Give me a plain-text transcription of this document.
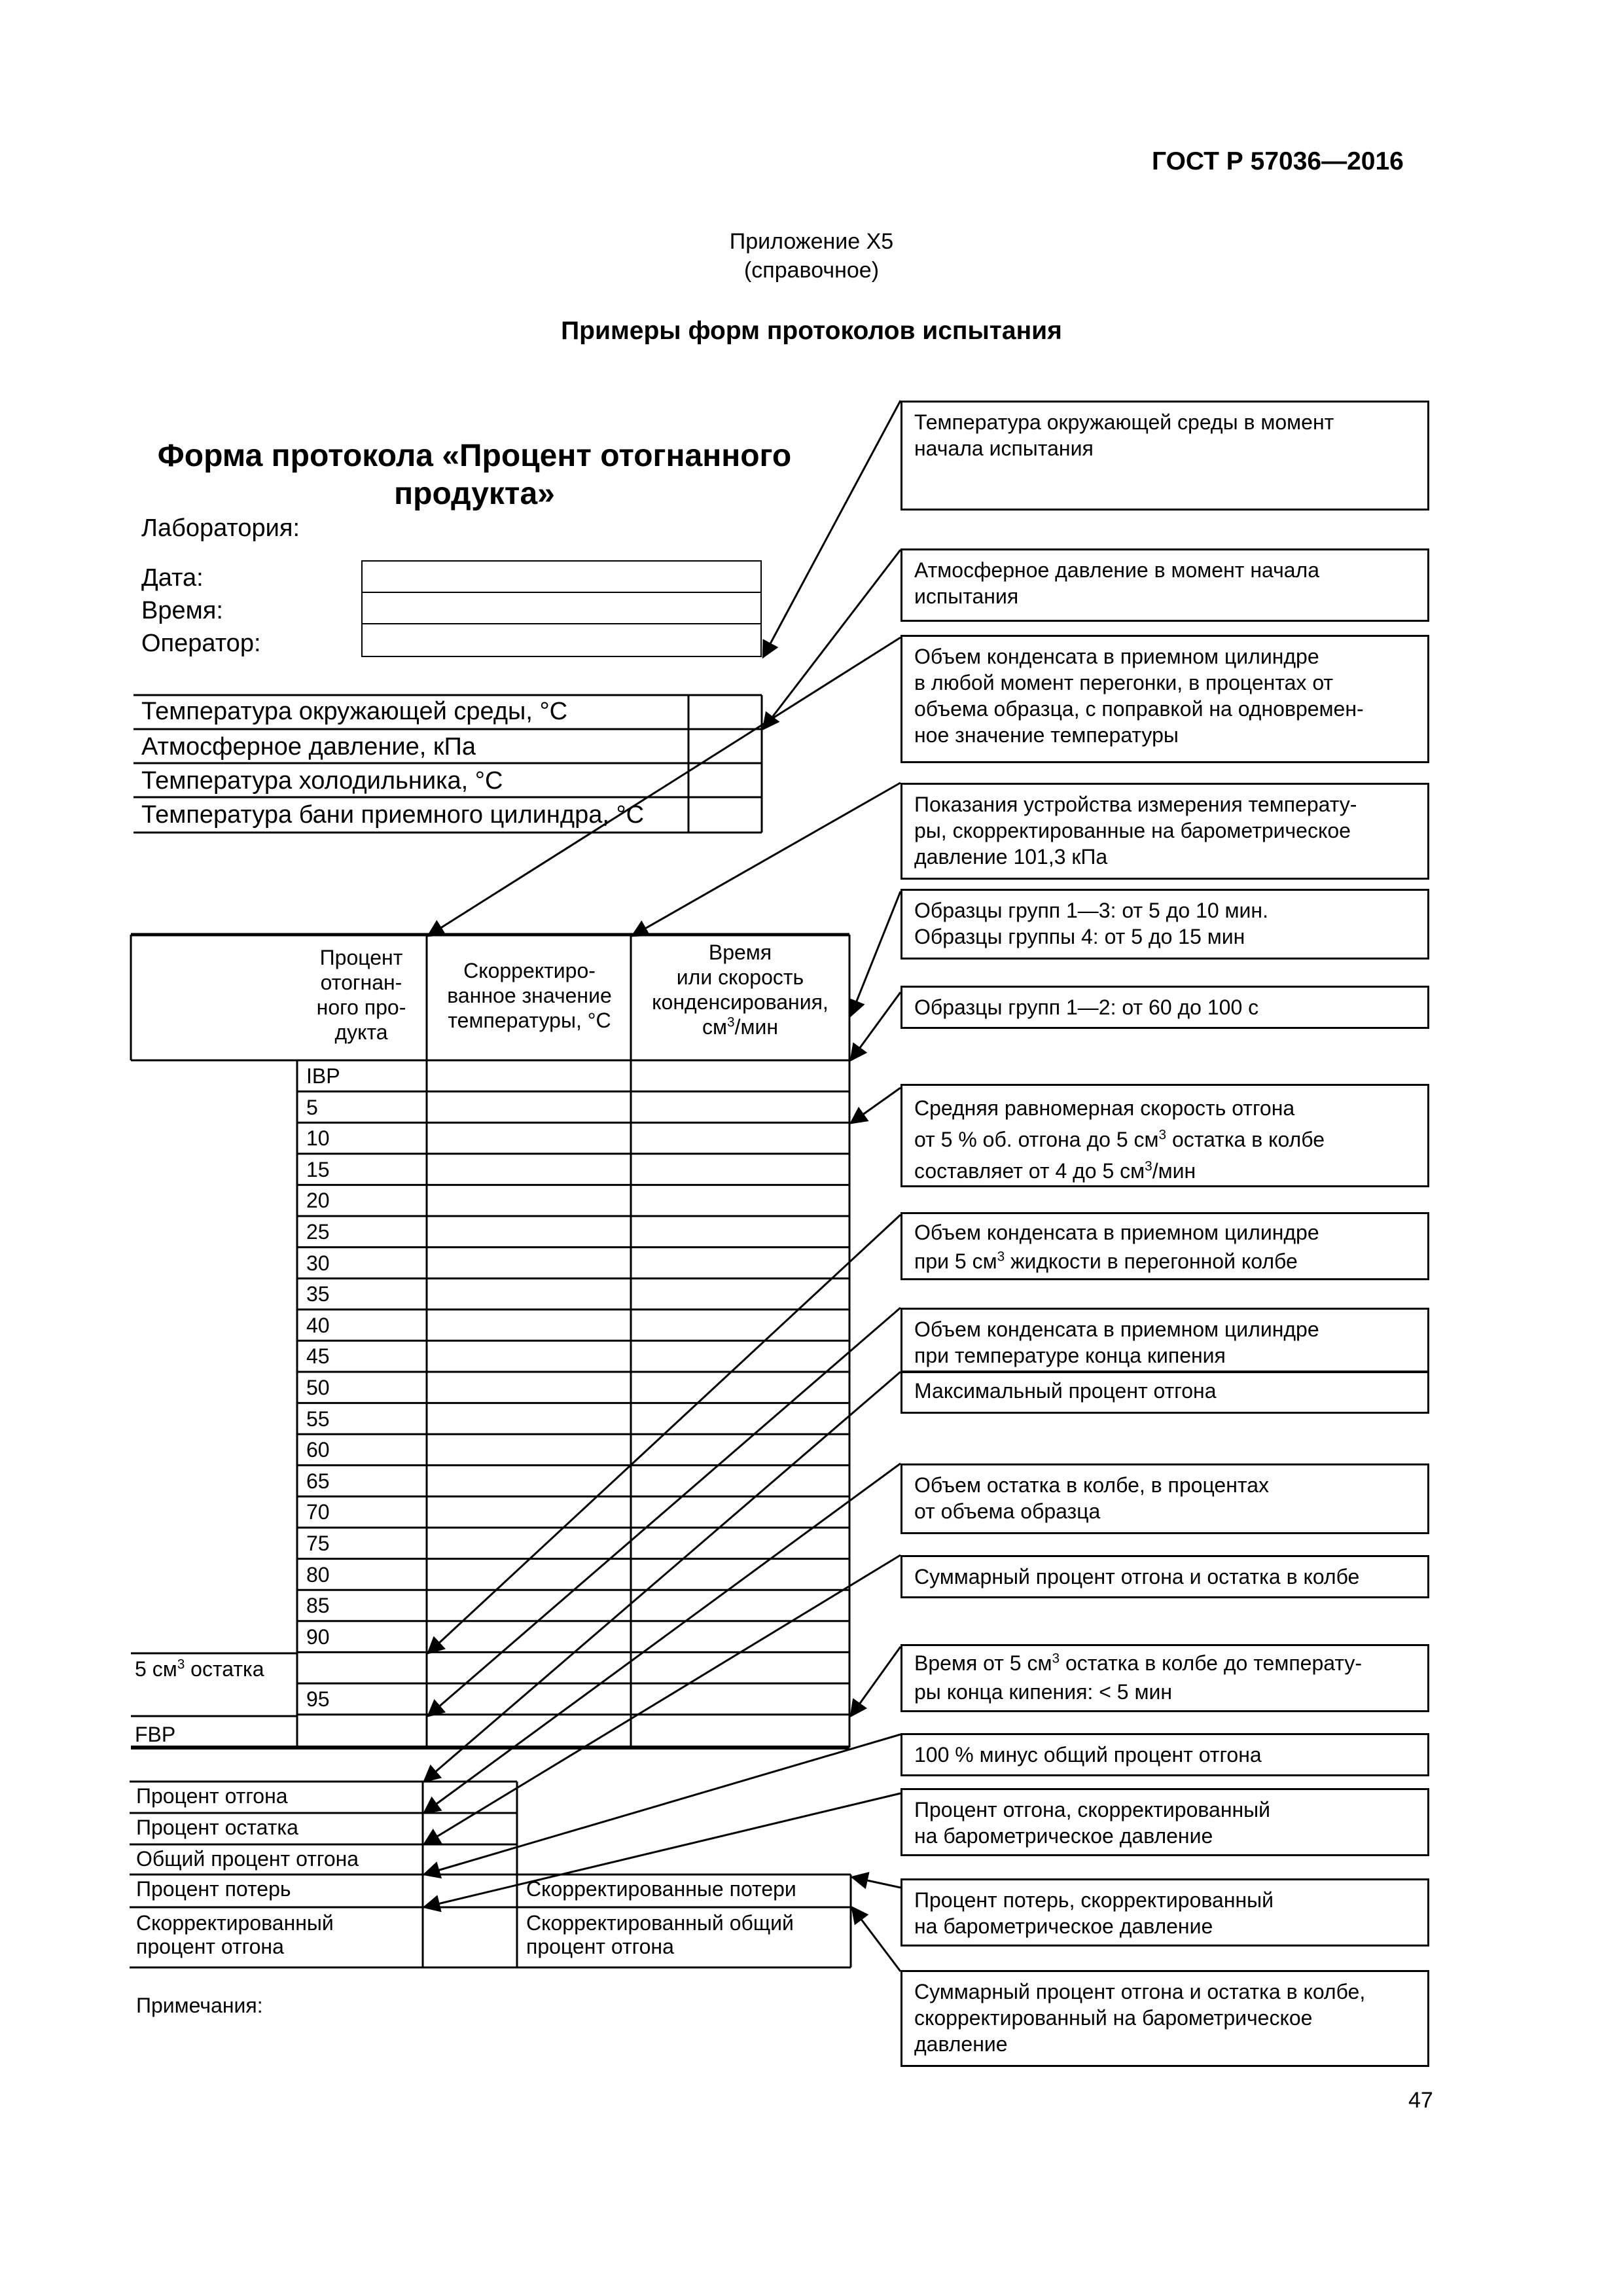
ГОСТ Р 57036—2016
Приложение Х5
(справочное)
Примеры форм протоколов испытания
Форма протокола «Процент отогнанного
продукта»
Лаборатория:
Дата:
Время:
Оператор:
Температура окружающей среды, °С
Атмосферное давление, кПа
Температура холодильника, °С
Температура бани приемного цилиндра, °С
Процент
отогнан-
ного про-
дукта
Скорректиро-
ванное значение
температуры, °С
Время
или скорость
конденсирования,
$см^3$/мин
IBP
5
10
15
20
25
30
35
40
45
50
55
60
65
70
75
80
85
90
95
5 $см^3$ остатка
FBP
Процент отгона
Процент остатка
Общий процент отгона
Процент потерь	Скорректированные потери
Скорректированный
процент отгона
Скорректированный общий
процент отгона
Примечания:
Температура окружающей среды в момент
начала испытания
Атмосферное давление в момент начала
испытания
Объем конденсата в приемном цилиндре
в любой момент перегонки, в процентах от
объема образца, с поправкой на одновремен-
ное значение температуры
Показания устройства измерения температу-
ры, скорректированные на барометрическое
давление 101,3 кПа
Образцы групп 1—3: от 5 до 10 мин.
Образцы группы 4: от 5 до 15 мин
Образцы групп 1—2: от 60 до 100 с
Средняя равномерная скорость отгона
от 5 % об. отгона до 5 $см^3$ остатка в колбе
составляет от 4 до 5 $см^3$/мин
Объем конденсата в приемном цилиндре
при 5 $см^3$ жидкости в перегонной колбе
Объем конденсата в приемном цилиндре
при температуре конца кипения
Максимальный процент отгона
Объем остатка в колбе, в процентах
от объема образца
Суммарный процент отгона и остатка в колбе
Время от 5 $см^3$ остатка в колбе до температу-
ры конца кипения: < 5 мин
100 % минус общий процент отгона
Процент отгона, скорректированный
на барометрическое давление
Процент потерь, скорректированный
на барометрическое давление
Суммарный процент отгона и остатка в колбе,
скорректированный на барометрическое
давление
47
